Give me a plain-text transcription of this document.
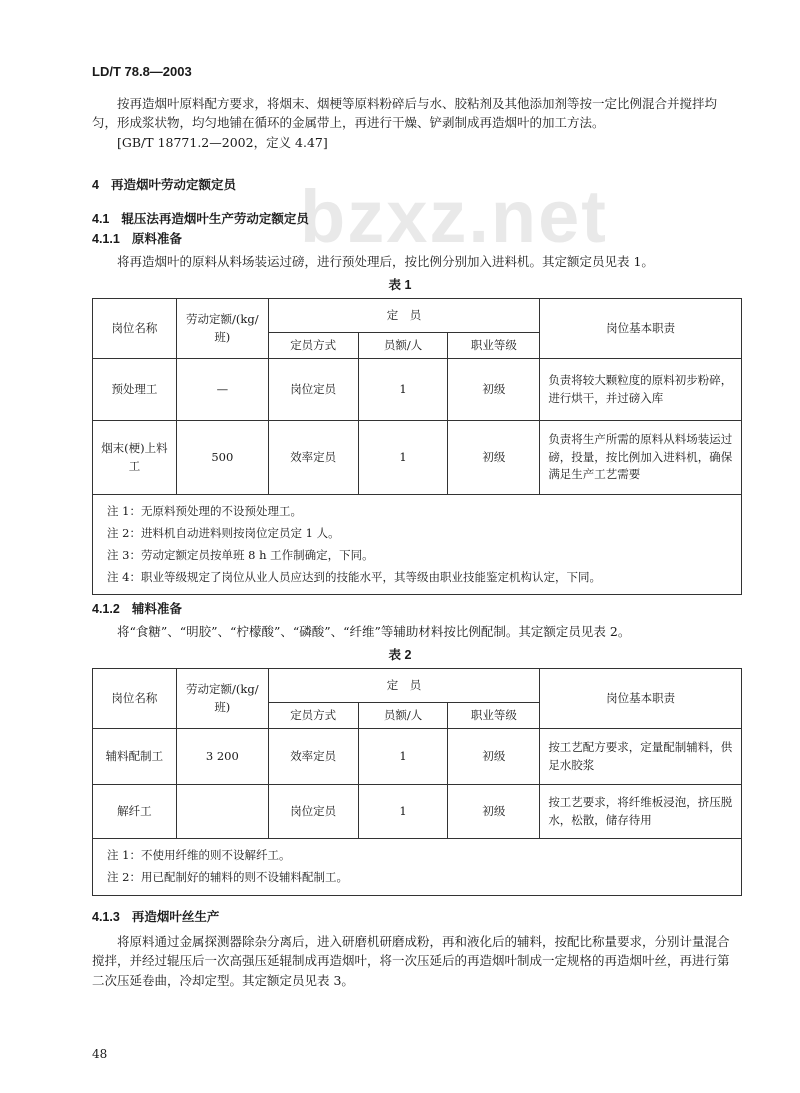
LD/T 78.8—2003
bzxz.net

按再造烟叶原料配方要求，将烟末、烟梗等原料粉碎后与水、胶粘剂及其他添加剂等按一定比例混合并搅拌均匀，形成浆状物，均匀地铺在循环的金属带上，再进行干燥、铲剥制成再造烟叶的加工方法。

[GB/T 18771.2—2002，定义 4.47]

4 再造烟叶劳动定额定员
4.1 辊压法再造烟叶生产劳动定额定员
4.1.1 原料准备

将再造烟叶的原料从料场装运过磅，进行预处理后，按比例分别加入进料机。其定额定员见表 1。

表 1
岗位名称	劳动定额/(kg/班)	定　员			岗位基本职责
		定员方式	员额/人	职业等级	
预处理工	—	岗位定员	1	初级	负责将较大颗粒度的原料初步粉碎，进行烘干，并过磅入库
烟末(梗)上料工	500	效率定员	1	初级	负责将生产所需的原料从料场装运过磅，投量，按比例加入进料机，确保满足生产工艺需要

注 1：无原料预处理的不设预处理工。
注 2：进料机自动进料则按岗位定员定 1 人。
注 3：劳动定额定员按单班 8 h 工作制确定，下同。
注 4：职业等级规定了岗位从业人员应达到的技能水平，其等级由职业技能鉴定机构认定，下同。					
4.1.2 辅料准备

将“食糖”、“明胶”、“柠檬酸”、“磷酸”、“纤维”等辅助材料按比例配制。其定额定员见表 2。

表 2
岗位名称	劳动定额/(kg/班)	定　员			岗位基本职责
		定员方式	员额/人	职业等级	
辅料配制工	3 200	效率定员	1	初级	按工艺配方要求，定量配制辅料，供足水胶浆
解纤工		岗位定员	1	初级	按工艺要求，将纤维板浸泡，挤压脱水，松散，储存待用

注 1：不使用纤维的则不设解纤工。
注 2：用已配制好的辅料的则不设辅料配制工。					
4.1.3 再造烟叶丝生产

将原料通过金属探测器除杂分离后，进入研磨机研磨成粉，再和液化后的辅料，按配比称量要求，分别计量混合搅拌，并经过辊压后一次高强压延辊制成再造烟叶，将一次压延后的再造烟叶制成一定规格的再造烟叶丝，再进行第二次压延卷曲，冷却定型。其定额定员见表 3。

48
